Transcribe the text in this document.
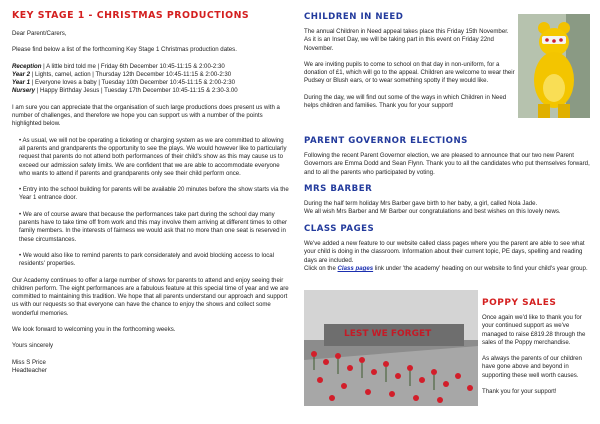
KEY STAGE 1 - CHRISTMAS PRODUCTIONS

Dear Parent/Carers,

Please find below a list of the forthcoming Key Stage 1 Christmas production dates.

Reception | A little bird told me | Friday 6th December 10:45-11:15 & 2:00-2:30

Year 2 | Lights, camel, action | Thursday 12th December 10:45-11:15 & 2:00-2:30

Year 1 | Everyone loves a baby | Tuesday 10th December 10:45-11:15 & 2:00-2:30

Nursery | Happy Birthday Jesus | Tuesday 17th December 10:45-11:15 & 2:30-3.00

I am sure you can appreciate that the organisation of such large productions does present us with a number of challenges, and therefore we hope you can support us with a number of the points highlighted below.

• As usual, we will not be operating a ticketing or charging system as we are committed to allowing all parents and grandparents the opportunity to see the plays. We would however like to particularly request that parents do not attend both performances of their child's show as this may cause us to exceed our admission safety limits. We are confident that we are able to accommodate everyone who wants to attend if parents and grandparents only see their child perform once.

• Entry into the school building for parents will be available 20 minutes before the show starts via the Year 1 entrance door.

• We are of course aware that because the performances take part during the school day many parents have to take time off from work and this may involve them arriving at different times to other family members. In the interests of fairness we would ask that no more than one seat is reserved in these circumstances.

• We would also like to remind parents to park considerately and avoid blocking access to local residents' properties.

Our Academy continues to offer a large number of shows for parents to attend and enjoy seeing their children perform. The eight performances are a fabulous feature at this special time of year and we are committed to maintaining this tradition. We hope that all parents understand our approach and support us with our requests so that everyone can have the chance to enjoy the shows and collect some wonderful memories.

We look forward to welcoming you in the forthcoming weeks.

Yours sincerely

Miss S Price

Headteacher

CHILDREN IN NEED

The annual Children in Need appeal takes place this Friday 15th November. As it is an Inset Day, we will be taking part in this event on Friday 22nd November.

We are inviting pupils to come to school on that day in non-uniform, for a donation of £1, which will go to the appeal. Children are welcome to wear their Pudsey or Blush ears, or to wear something spotty if they would like.

During the day, we will find out some of the ways in which Children in Need helps children and families. Thank you for your support!

PARENT GOVERNOR ELECTIONS

Following the recent Parent Governor election, we are pleased to announce that our two new Parent Governors are Emma Dodd and Sean Flynn. Thank you to all the candidates who put themselves forward, and to all the parents who participated by voting.

MRS BARBER

During the half term holiday Mrs Barber gave birth to her baby, a girl, called Nola Jade.

We all wish Mrs Barber and Mr Barber our congratulations and best wishes on this lovely news.

CLASS PAGES

We've added a new feature to our website called class pages where you the parent are able to see what your child is doing in the classroom. Information about their current topic, PE days, spelling and reading days are included.

Click on the Class pages link under 'the academy' heading on our website to find your child's year group.

LEST WE FORGET
POPPY SALES

Once again we'd like to thank you for your continued support as we've managed to raise £819.28 through the sales of the Poppy merchandise.

As always the parents of our children have gone above and beyond in supporting these well worth causes.

Thank you for your support!
